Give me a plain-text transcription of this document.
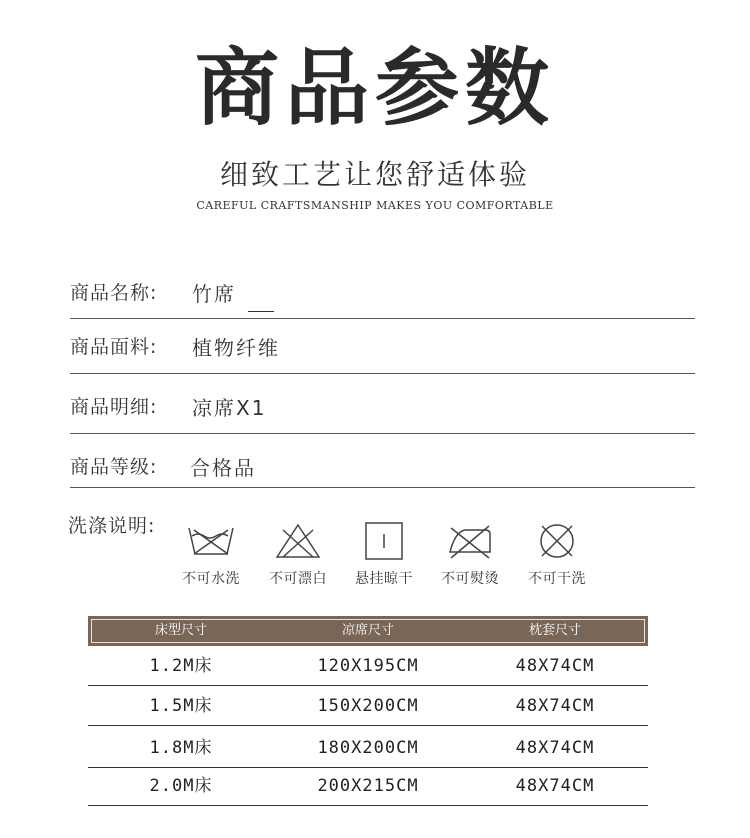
商品参数
细致工艺让您舒适体验
CAREFUL CRAFTSMANSHIP MAKES YOU COMFORTABLE
商品名称: 竹席
商品面料: 植物纤维
商品明细: 凉席X1
商品等级: 合格品
洗涤说明:
不可水洗	不可漂白	悬挂晾干	不可熨烫	不可干洗
床型尺寸	凉席尺寸	枕套尺寸
1.2M床	120X195CM	48X74CM
1.5M床	150X200CM	48X74CM
1.8M床	180X200CM	48X74CM
2.0M床	200X215CM	48X74CM
